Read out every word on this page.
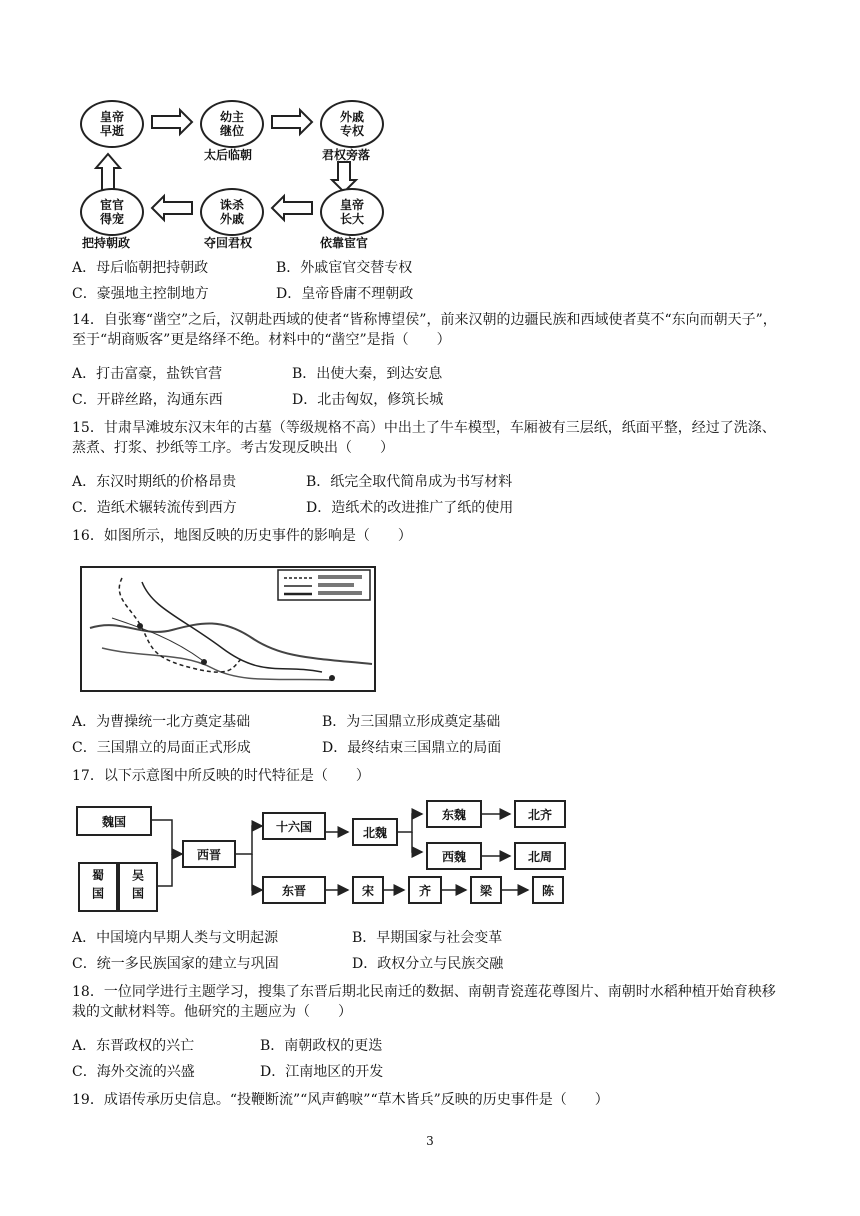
皇帝早逝
幼主继位
太后临朝
外戚专权
君权旁落
皇帝长大
依靠宦官
诛杀外戚
夺回君权
宦官得宠
把持朝政
A．母后临朝把持朝政	B．外戚宦官交替专权
C．豪强地主控制地方	D．皇帝昏庸不理朝政
14．自张骞“凿空”之后，汉朝赴西域的使者“皆称博望侯”，前来汉朝的边疆民族和西域使者莫不“东向而朝天子”，至于“胡商贩客”更是络绎不绝。材料中的“凿空”是指（　　）
A．打击富豪，盐铁官营	B．出使大秦，到达安息
C．开辟丝路，沟通东西	D．北击匈奴，修筑长城
15．甘肃旱滩坡东汉末年的古墓（等级规格不高）中出土了牛车模型，车厢被有三层纸，纸面平整，经过了洗涤、蒸煮、打浆、抄纸等工序。考古发现反映出（　　）
A．东汉时期纸的价格昂贵	B．纸完全取代简帛成为书写材料
C．造纸术辗转流传到西方	D．造纸术的改进推广了纸的使用
16．如图所示，地图反映的历史事件的影响是（　　）
A．为曹操统一北方奠定基础	B．为三国鼎立形成奠定基础
C．三国鼎立的局面正式形成	D．最终结束三国鼎立的局面
17．以下示意图中所反映的时代特征是（　　）
魏国
蜀国 吴国
西晋
十六国	北魏
东魏	北齐
西魏	北周
东晋	宋	齐	梁	陈
A．中国境内早期人类与文明起源	B．早期国家与社会变革
C．统一多民族国家的建立与巩固	D．政权分立与民族交融
18．一位同学进行主题学习，搜集了东晋后期北民南迁的数据、南朝青瓷莲花尊图片、南朝时水稻种植开始育秧移栽的文献材料等。他研究的主题应为（　　）
A．东晋政权的兴亡	B．南朝政权的更迭
C．海外交流的兴盛	D．江南地区的开发
19．成语传承历史信息。“投鞭断流”“风声鹤唳”“草木皆兵”反映的历史事件是（　　）
3
